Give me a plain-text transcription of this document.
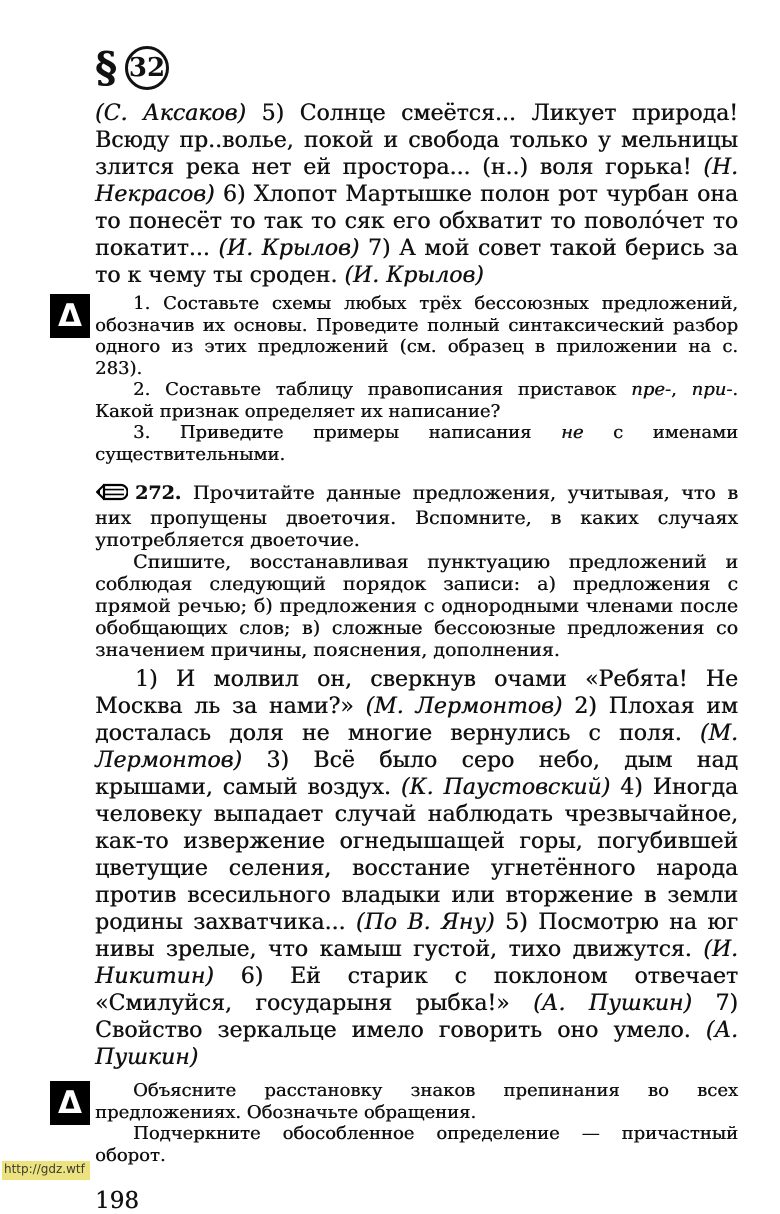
§ 32

(С. Аксаков) 5) Солнце смеётся... Ликует природа! Всюду пр..волье, покой и свобода только у мельницы злится река нет ей простора... (н..) воля горька! (Н. Некрасов) 6) Хлопот Мартышке полон рот чурбан она то понесёт то так то сяк его обхватит то поволо́чет то покатит... (И. Крылов) 7) А мой совет такой берись за то к чему ты сроден. (И. Крылов)

Δ	1. Составьте схемы любых трёх бессоюзных предложений, обозначив их основы. Проведите полный синтаксический разбор одного из этих предложений (см. образец в приложении на с. 283).

2. Составьте таблицу правописания приставок пре-, при-. Какой признак определяет их написание?

3. Приведите примеры написания не с именами существительными.

272. Прочитайте данные предложения, учитывая, что в них пропущены двоеточия. Вспомните, в каких случаях употребляется двоеточие.

Спишите, восстанавливая пунктуацию предложений и соблюдая следующий порядок записи: а) предложения с прямой речью; б) предложения с однородными членами после обобщающих слов; в) сложные бессоюзные предложения со значением причины, пояснения, дополнения.

1) И молвил он, сверкнув очами «Ребята! Не Москва ль за нами?» (М. Лермонтов) 2) Плохая им досталась доля не многие вернулись с поля. (М. Лермонтов) 3) Всё было серо небо, дым над крышами, самый воздух. (К. Паустовский) 4) Иногда человеку выпадает случай наблюдать чрезвычайное, как-то извержение огнедышащей горы, погубившей цветущие селения, восстание угнетённого народа против всесильного владыки или вторжение в земли родины захватчика... (По В. Яну) 5) Посмотрю на юг нивы зрелые, что камыш густой, тихо движутся. (И. Никитин) 6) Ей старик с поклоном отвечает «Смилуйся, государыня рыбка!» (А. Пушкин) 7) Свойство зеркальце имело говорить оно умело. (А. Пушкин)

Δ	Объясните расстановку знаков препинания во всех предложениях. Обозначьте обращения.

Подчеркните обособленное определение — причастный оборот.

198
http://gdz.wtf
